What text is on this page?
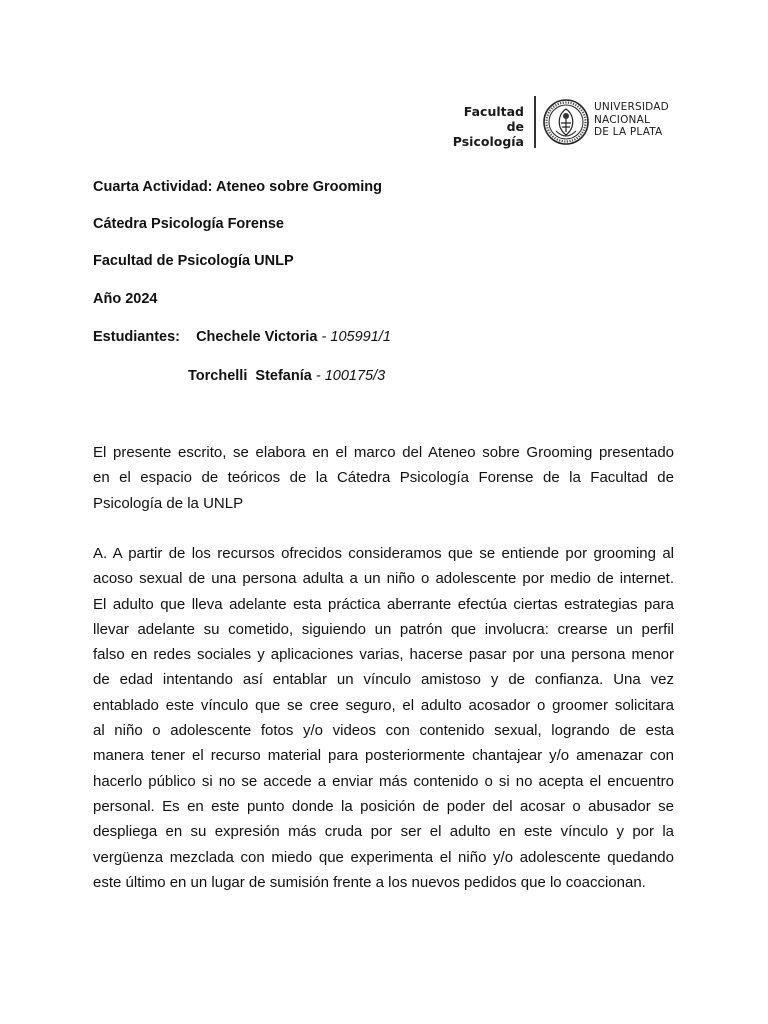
Facultad de
Psicología
UNIVERSIDAD
NACIONAL
DE LA PLATA
Cuarta Actividad: Ateneo sobre Grooming
Cátedra Psicología Forense
Facultad de Psicología UNLP
Año 2024
Estudiantes: Chechele Victoria - 105991/1
Torchelli  Stefanía - 100175/3
El presente escrito, se elabora en el marco del Ateneo sobre Grooming presentado
en el espacio de teóricos de la Cátedra Psicología Forense de la Facultad de
Psicología de la UNLP
A. A partir de los recursos ofrecidos consideramos que se entiende por grooming al
acoso sexual de una persona adulta a un niño o adolescente por medio de internet.
El adulto que lleva adelante esta práctica aberrante efectúa ciertas estrategias para
llevar adelante su cometido, siguiendo un patrón que involucra: crearse un perfil
falso en redes sociales y aplicaciones varias, hacerse pasar por una persona menor
de edad intentando así entablar un vínculo amistoso y de confianza. Una vez
entablado este vínculo que se cree seguro, el adulto acosador o groomer solicitara
al niño o adolescente fotos y/o videos con contenido sexual, logrando de esta
manera tener el recurso material para posteriormente chantajear y/o amenazar con
hacerlo público si no se accede a enviar más contenido o si no acepta el encuentro
personal. Es en este punto donde la posición de poder del acosar o abusador se
despliega en su expresión más cruda por ser el adulto en este vínculo y por la
vergüenza mezclada con miedo que experimenta el niño y/o adolescente quedando
este último en un lugar de sumisión frente a los nuevos pedidos que lo coaccionan.
